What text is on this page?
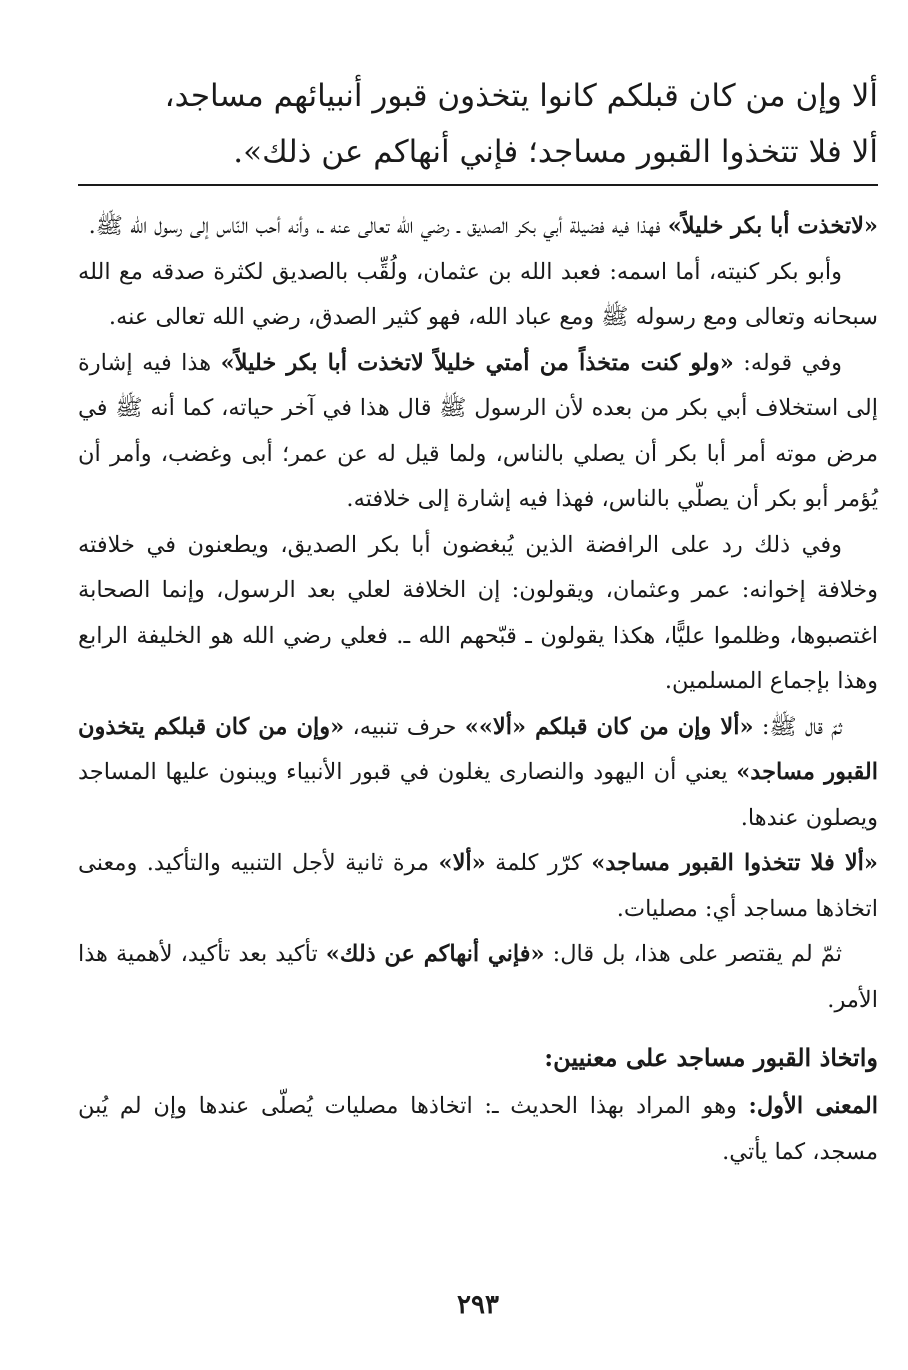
ألا وإن من كان قبلكم كانوا يتخذون قبور أنبيائهم مساجد،
ألا فلا تتخذوا القبور مساجد؛ فإني أنهاكم عن ذلك».

«لاتخذت أبا بكر خليلاً» فهذا فيه فضيلة أبي بكر الصديق ـ رضي الله تعالى عنه ـ، وأنه أحب النّاس إلى رسول الله ﷺ.

وأبو بكر كنيته، أما اسمه: فعبد الله بن عثمان، ولُقِّب بالصديق لكثرة صدقه مع الله سبحانه وتعالى ومع رسوله ﷺ ومع عباد الله، فهو كثير الصدق، رضي الله تعالى عنه.

وفي قوله: «ولو كنت متخذاً من أمتي خليلاً لاتخذت أبا بكر خليلاً» هذا فيه إشارة إلى استخلاف أبي بكر من بعده لأن الرسول ﷺ قال هذا في آخر حياته، كما أنه ﷺ في مرض موته أمر أبا بكر أن يصلي بالناس، ولما قيل له عن عمر؛ أبى وغضب، وأمر أن يُؤمر أبو بكر أن يصلّي بالناس، فهذا فيه إشارة إلى خلافته.

وفي ذلك رد على الرافضة الذين يُبغضون أبا بكر الصديق، ويطعنون في خلافته وخلافة إخوانه: عمر وعثمان، ويقولون: إن الخلافة لعلي بعد الرسول، وإنما الصحابة اغتصبوها، وظلموا عليًّا، هكذا يقولون ـ قبّحهم الله ـ. فعلي رضي الله هو الخليفة الرابع وهذا بإجماع المسلمين.

ثمّ قال ﷺ: «ألا وإن من كان قبلكم «ألا»» حرف تنبيه، «وإن من كان قبلكم يتخذون القبور مساجد» يعني أن اليهود والنصارى يغلون في قبور الأنبياء ويبنون عليها المساجد ويصلون عندها.

«ألا فلا تتخذوا القبور مساجد» كرّر كلمة «ألا» مرة ثانية لأجل التنبيه والتأكيد. ومعنى اتخاذها مساجد أي: مصليات.

ثمّ لم يقتصر على هذا، بل قال: «فإني أنهاكم عن ذلك» تأكيد بعد تأكيد، لأهمية هذا الأمر.

واتخاذ القبور مساجد على معنيين:

المعنى الأول: وهو المراد بهذا الحديث ـ: اتخاذها مصليات يُصلّى عندها وإن لم يُبن مسجد، كما يأتي.

٢٩٣
